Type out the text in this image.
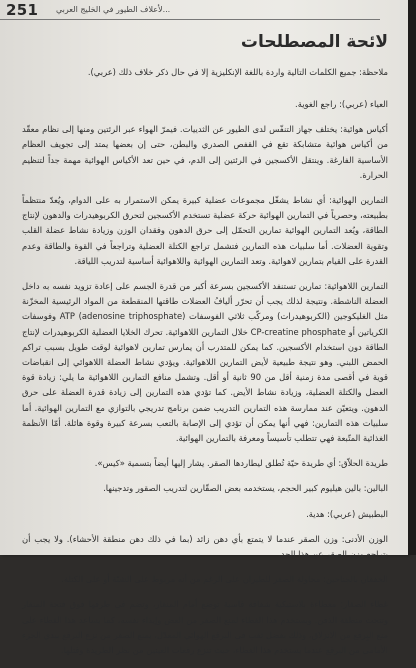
251 ...لأعلاف الطيور في الخليج العربي
لائحة المصطلحات

ملاحظة: جميع الكلمات التالية واردة باللغة الإنكليزية إلا في حال ذكر خلاف ذلك (عربي).

العياء (عربي): راجع الغوية.

أكياس هوائية: يختلف جهاز التنفّس لدى الطيور عن الثدييات. فيمرّ الهواء عبر الرئتين ومنها إلى نظام معقّد من أكياس هوائية متشابكة تقع في القفص الصدري والبطن، حتى إن بعضها يمتد إلى تجويف العظام الأساسية الفارغة. وينتقل الأكسجين في الرئتين إلى الدم، في حين تعد الأكياس الهوائية مهمة جداً لتنظيم الحرارة.

التمارين الهوائية: أي نشاط يشغّل مجموعات عضلية كبيرة يمكن الاستمرار به على الدوام، ويُعدّ منتظماً بطبيعته، وحصرياً في التمارين الهوائية حركة عضلية تستخدم الأكسجين لتحرق الكربوهيدرات والدهون لإنتاج الطاقة، ويُعد التمارين الهوائية تمارين التحمّل إلى حرق الدهون وفقدان الوزن وزيادة نشاط عضلة القلب وتقوية العضلات. أما سلبيات هذه التمارين فتشمل تراجع الكتلة العضلية وتراجعاً في القوة والطاقة وعدم القدرة على القيام بتمارين لاهوائية. وتعد التمارين الهوائية واللاهوائية أساسية لتدريب اللياقة.

التمارين اللاهوائية: تمارين تستنفد الأكسجين بسرعة أكبر من قدرة الجسم على إعادة تزويد نفسه به داخل العضلة الناشطة. ونتيجة لذلك يجب أن تحرّر أليافُ العضلات طاقتها المنقطعة من المواد الرئيسية المخزّنة مثل الغليكوجين (الكربوهيدرات) ومركّب ثلاثي الفوسفات (ATP (adenosine triphosphate وفوسفات الكرياتين أو CP-creatine phosphate خلال التمارين اللاهوائية. تحرك الخلايا العضلية الكربوهيدرات لإنتاج الطاقة دون استخدام الأكسجين. كما يمكن للمتدرب أن يمارس تمارين لاهوائية لوقت طويل بسبب تراكم الحمض اللبني. وهو نتيجة طبيعية لأيض التمارين اللاهوائية. ويؤدي نشاط العضلة اللاهوائي إلى انقباضات قوية في أقصى مدة زمنية أقل من 90 ثانية أو أقل. وتشمل منافع التمارين اللاهوائية ما يلي: زيادة قوة العضل والكتلة العضلية، وزيادة نشاط الأيض. كما تؤدي هذه التمارين إلى زيادة قدرة العضلة على حرق الدهون. ويتعيّن عند ممارسة هذه التمارين التدريب ضمن برنامج تدريجي بالتوازي مع التمارين الهوائية. أما سلبيات هذه التمارين: فهي أنها يمكن أن تؤدي إلى الإصابة بالتعب بسرعة كبيرة وقوة هائلة. أمّا الأنظمة الغذائية المتّبعة فهي تتطلب تأسيساً ومعرفة بالتمارين الهوائية.

طريدة الحلاّق: أي طريدة حيّة تُطلق ليطاردها الصقر. يشار إليها أيضاً بتسمية «كيس».

البالين: بالين هيليوم كبير الحجم، يستخدمه بعض الصقّارين لتدريب الصقور وتدجينها.

البطبيش (عربي): هدية.

الوزن الأدنى: وزن الصقر عندما لا يتمتع بأي دهن زائد (بما في ذلك دهن منطقة الأحشاء). ولا يجب أن يتراجع وزن الصقر عن هذا الحد.

الخفقان بالجناحين: محاولة الصقر للطيران على الرغم من أنه مربوط على الشبّة أو على الكتلة.

غطاء الصقار: معطاءة بلاستيكية شفافة قاسية توضع أمام المنقار، وتضم في طرفها فوق فتحة المنقار ونتحت منطقة الذقن. ويستخدم هذا الغطاء لمنع الصقر من العض وإيذاء نفسه، كما يساعد هذا الغطاء على منع البِرقع من الانزلاق، وذلك بفضل ثقب في البرقع الهوائي المعدّل، يمنع الصقر من نزع البرقع بيدي الجزء الأمامي من البرقع عندما يستخدم هذا الغطاء، حيث تنزع رقعات العينين من نظر الطريدة وقتلها.
